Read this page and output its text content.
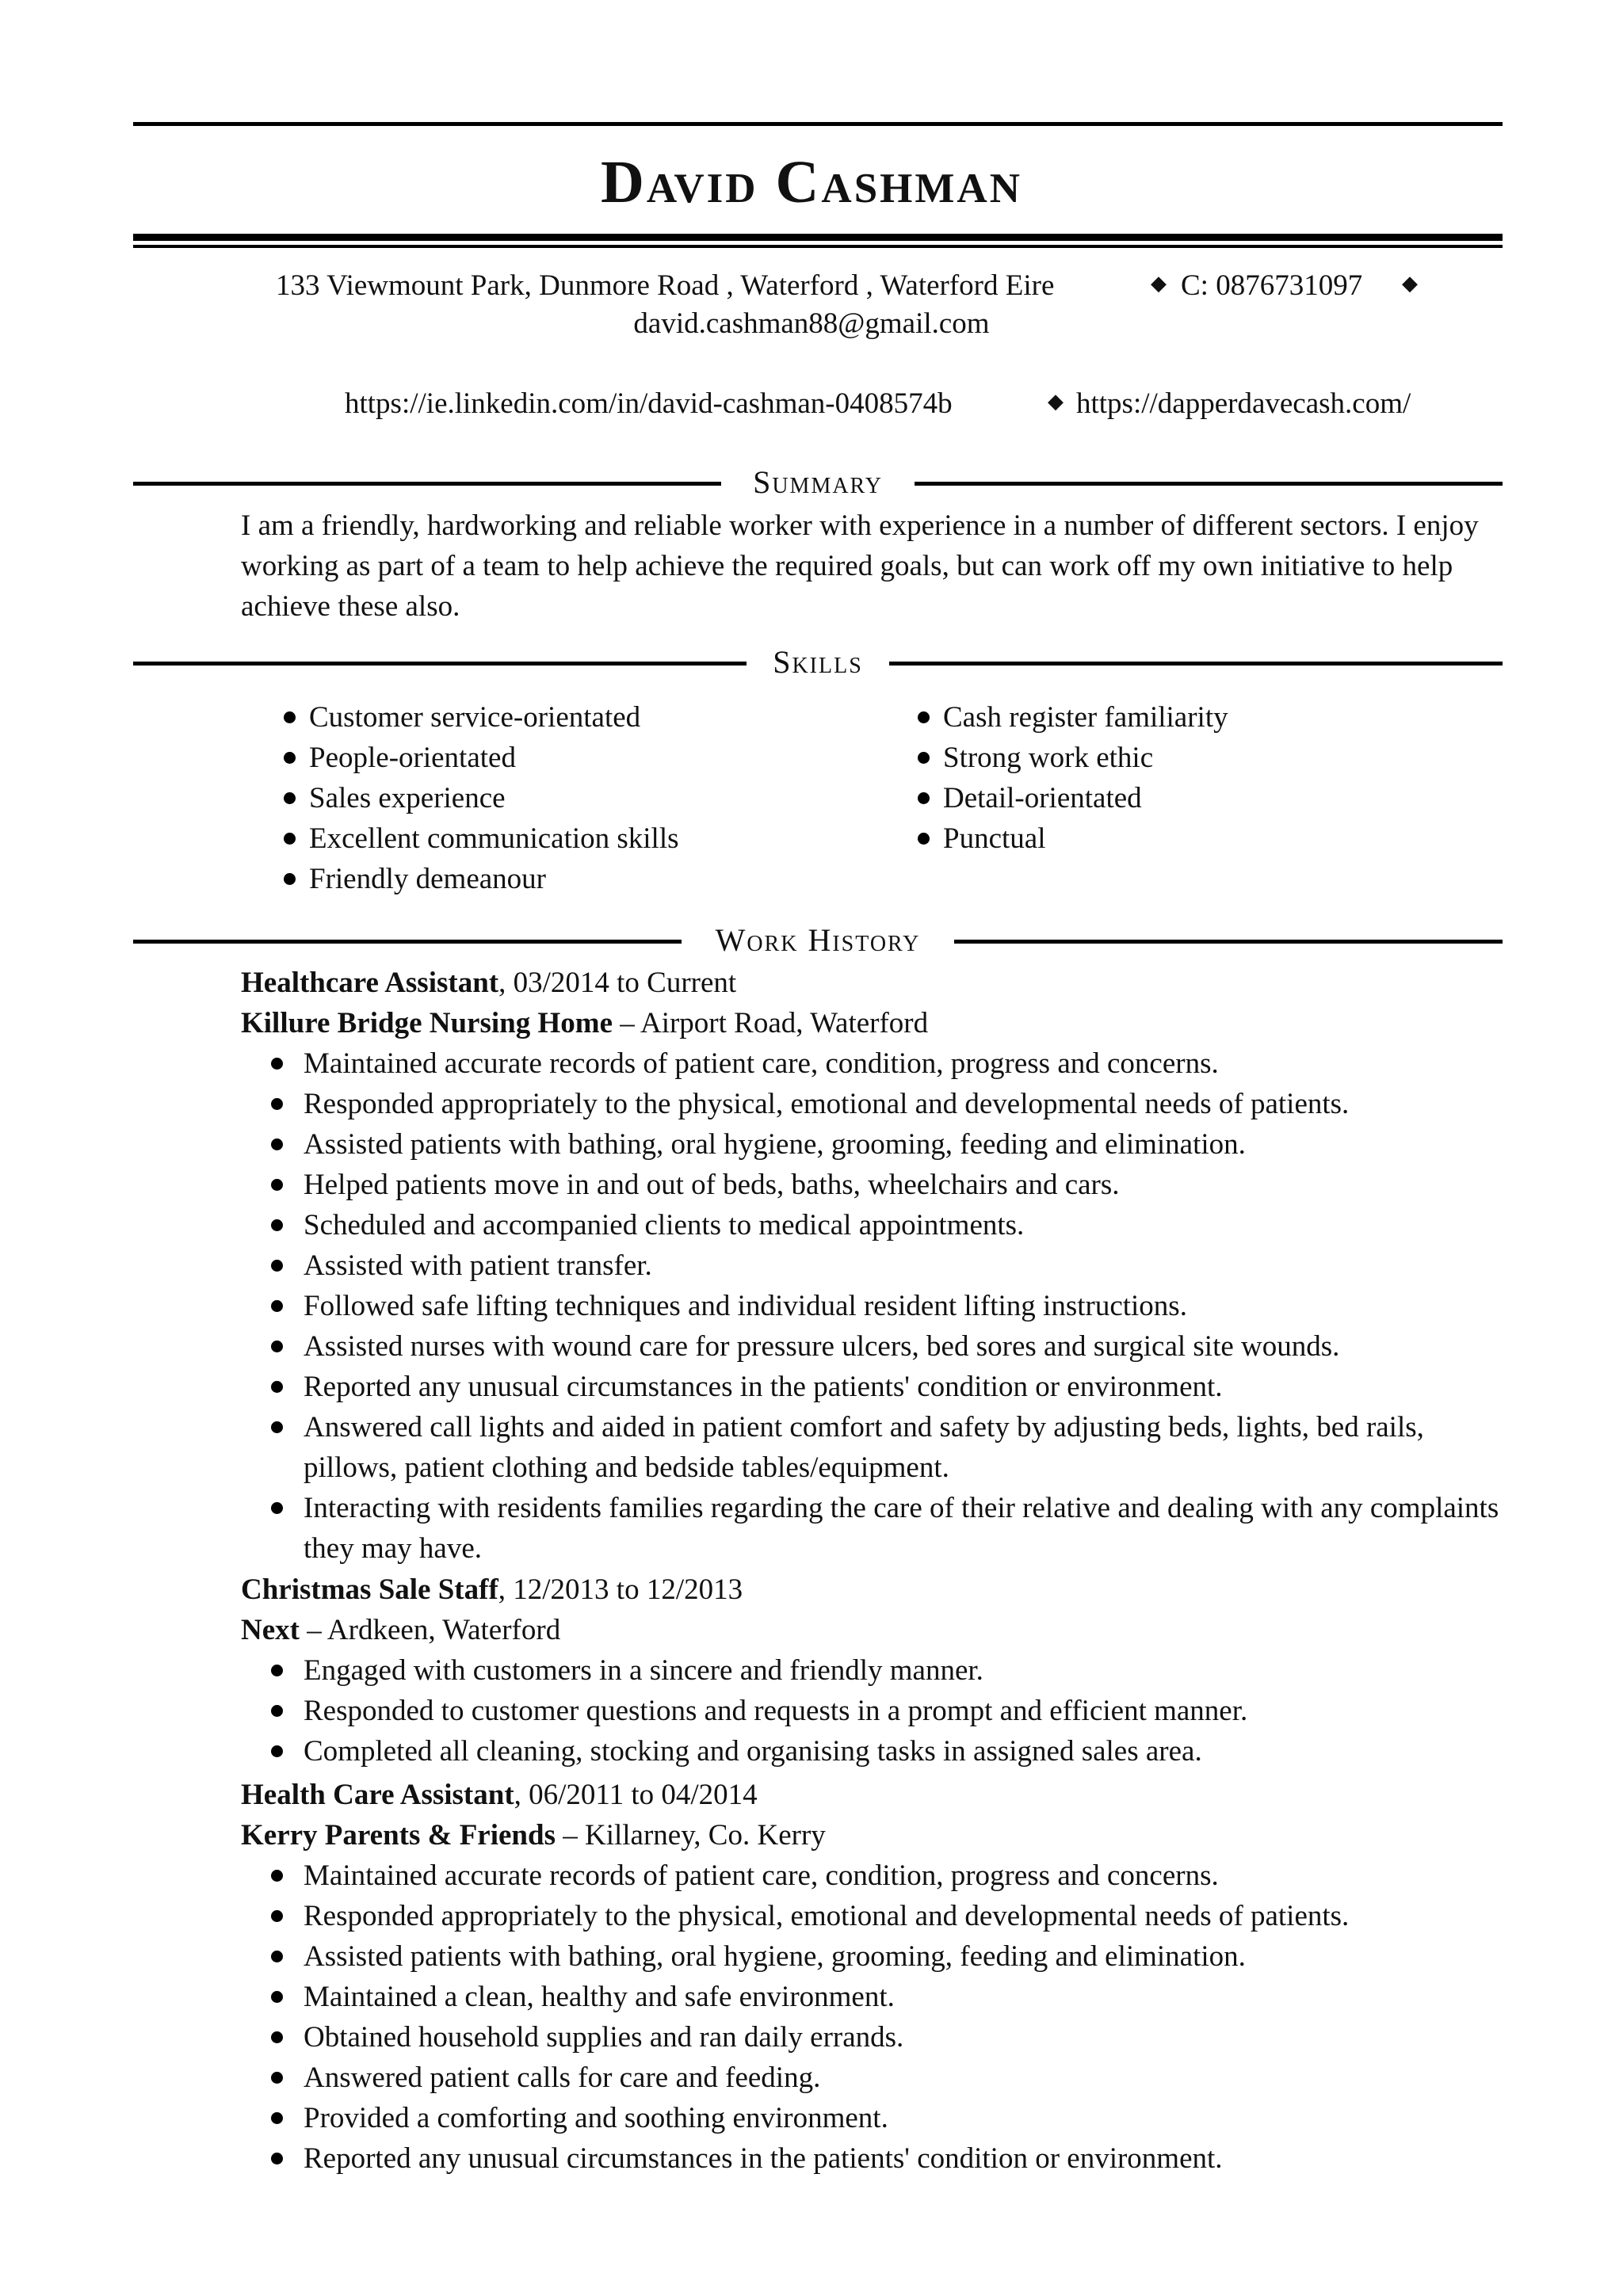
David Cashman
133 Viewmount Park, Dunmore Road , Waterford , Waterford Eire	◆ C: 0876731097 ◆
david.cashman88@gmail.com
https://ie.linkedin.com/in/david-cashman-0408574b	◆ https://dapperdavecash.com/
Summary
I am a friendly, hardworking and reliable worker with experience in a number of different sectors. I enjoy working as part of a team to help achieve the required goals, but can work off my own initiative to help achieve these also.
Skills
Customer service-orientated
People-orientated
Sales experience
Excellent communication skills
Friendly demeanour
Cash register familiarity
Strong work ethic
Detail-orientated
Punctual
Work History
Healthcare Assistant, 03/2014 to Current
Killure Bridge Nursing Home – Airport Road, Waterford
Maintained accurate records of patient care, condition, progress and concerns.
Responded appropriately to the physical, emotional and developmental needs of patients.
Assisted patients with bathing, oral hygiene, grooming, feeding and elimination.
Helped patients move in and out of beds, baths, wheelchairs and cars.
Scheduled and accompanied clients to medical appointments.
Assisted with patient transfer.
Followed safe lifting techniques and individual resident lifting instructions.
Assisted nurses with wound care for pressure ulcers, bed sores and surgical site wounds.
Reported any unusual circumstances in the patients' condition or environment.
Answered call lights and aided in patient comfort and safety by adjusting beds, lights, bed rails, pillows, patient clothing and bedside tables/equipment.
Interacting with residents families regarding the care of their relative and dealing with any complaints they may have.
Christmas Sale Staff, 12/2013 to 12/2013
Next – Ardkeen, Waterford
Engaged with customers in a sincere and friendly manner.
Responded to customer questions and requests in a prompt and efficient manner.
Completed all cleaning, stocking and organising tasks in assigned sales area.
Health Care Assistant, 06/2011 to 04/2014
Kerry Parents & Friends – Killarney, Co. Kerry
Maintained accurate records of patient care, condition, progress and concerns.
Responded appropriately to the physical, emotional and developmental needs of patients.
Assisted patients with bathing, oral hygiene, grooming, feeding and elimination.
Maintained a clean, healthy and safe environment.
Obtained household supplies and ran daily errands.
Answered patient calls for care and feeding.
Provided a comforting and soothing environment.
Reported any unusual circumstances in the patients' condition or environment.
